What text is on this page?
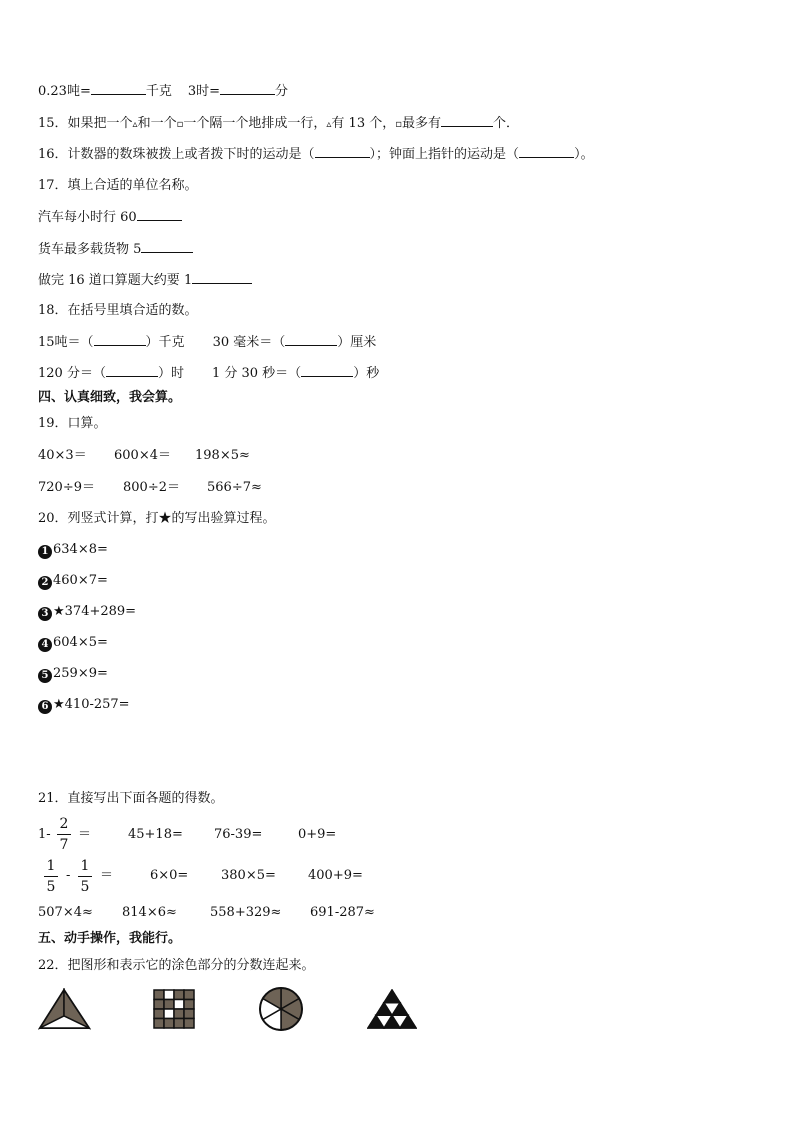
0.23吨=	千克 3时=	分
15．如果把一个▵和一个▫一个隔一个地排成一行，▵有 13 个，▫最多有	个．
16．计数器的数珠被拨上或者拨下时的运动是（	）；钟面上指针的运动是（	）。
17．填上合适的单位名称。
汽车每小时行 60
货车最多载货物 5
做完 16 道口算题大约要 1
18．在括号里填合适的数。
15吨＝（	）千克 30 毫米＝（	）厘米
120 分＝（	）时 1 分 30 秒＝（	）秒
四、认真细致，我会算。
19．口算。
40×3＝ 600×4＝ 198×5≈
720÷9＝ 800÷2＝ 566÷7≈
20．列竖式计算，打★的写出验算过程。
1 634×8=
2 460×7=
3 ★374+289=
4 604×5=
5 259×9=
6 ★410-257=
21．直接写出下面各题的得数。
1-
2
7
＝	45+18= 76-39=	0+9=
1
5
-
1
5
＝	6×0=	380×5= 400+9=
507×4≈ 814×6≈	558+329≈ 691-287≈
五、动手操作，我能行。
22．把图形和表示它的涂色部分的分数连起来。
